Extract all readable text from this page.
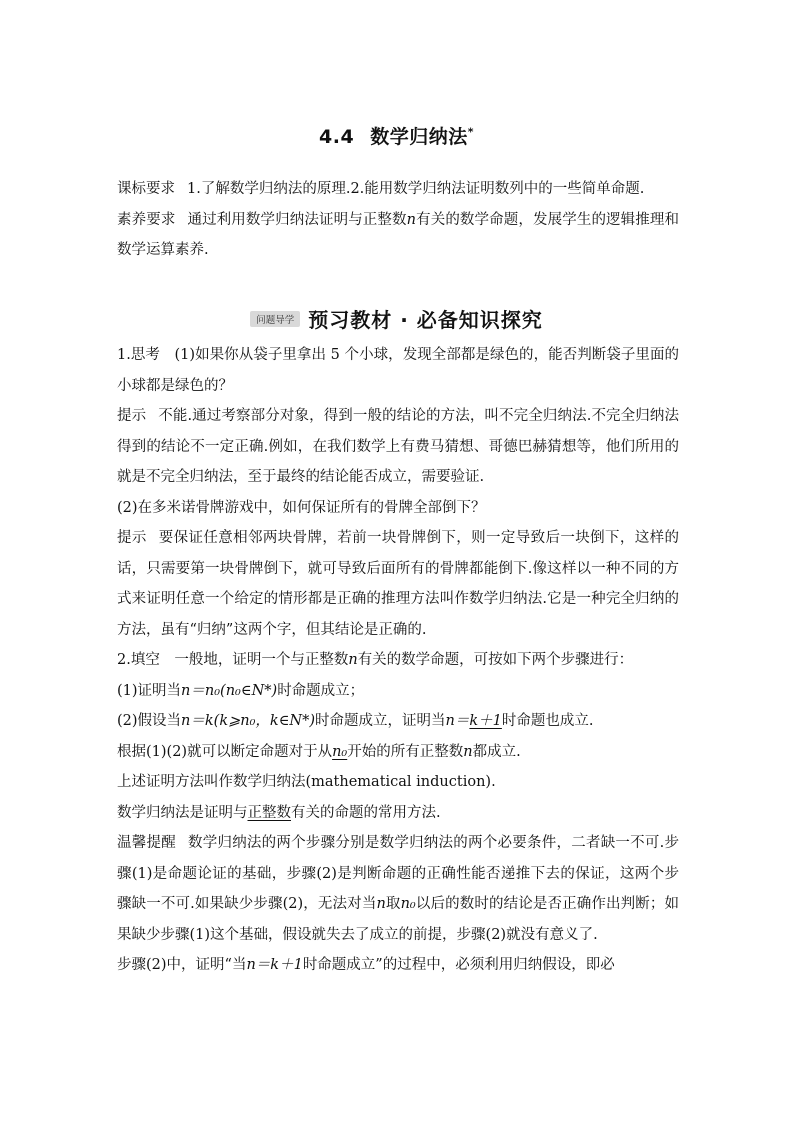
4.4 数学归纳法*

课标要求 1.了解数学归纳法的原理.2.能用数学归纳法证明数列中的一些简单命题.

素养要求 通过利用数学归纳法证明与正整数n有关的数学命题，发展学生的逻辑推理和数学运算素养.

问题导学 预习教材 · 必备知识探究

1.思考　(1)如果你从袋子里拿出 5 个小球，发现全部都是绿色的，能否判断袋子里面的小球都是绿色的？

提示 不能.通过考察部分对象，得到一般的结论的方法，叫不完全归纳法.不完全归纳法得到的结论不一定正确.例如，在我们数学上有费马猜想、哥德巴赫猜想等，他们所用的就是不完全归纳法，至于最终的结论能否成立，需要验证.

(2)在多米诺骨牌游戏中，如何保证所有的骨牌全部倒下？

提示 要保证任意相邻两块骨牌，若前一块骨牌倒下，则一定导致后一块倒下，这样的话，只需要第一块骨牌倒下，就可导致后面所有的骨牌都能倒下.像这样以一种不同的方式来证明任意一个给定的情形都是正确的推理方法叫作数学归纳法.它是一种完全归纳的方法，虽有“归纳”这两个字，但其结论是正确的.

2.填空　一般地，证明一个与正整数n有关的数学命题，可按如下两个步骤进行：

(1)证明当n＝n₀(n₀∈N*)时命题成立；

(2)假设当n＝k(k⩾n₀，k∈N*)时命题成立，证明当n＝k＋1时命题也成立.

根据(1)(2)就可以断定命题对于从n₀开始的所有正整数n都成立.

上述证明方法叫作数学归纳法(mathematical induction).

数学归纳法是证明与正整数有关的命题的常用方法.

温馨提醒 数学归纳法的两个步骤分别是数学归纳法的两个必要条件，二者缺一不可.步骤(1)是命题论证的基础，步骤(2)是判断命题的正确性能否递推下去的保证，这两个步骤缺一不可.如果缺少步骤(2)，无法对当n取n₀以后的数时的结论是否正确作出判断；如果缺少步骤(1)这个基础，假设就失去了成立的前提，步骤(2)就没有意义了.

步骤(2)中，证明“当n＝k＋1时命题成立”的过程中，必须利用归纳假设，即必
